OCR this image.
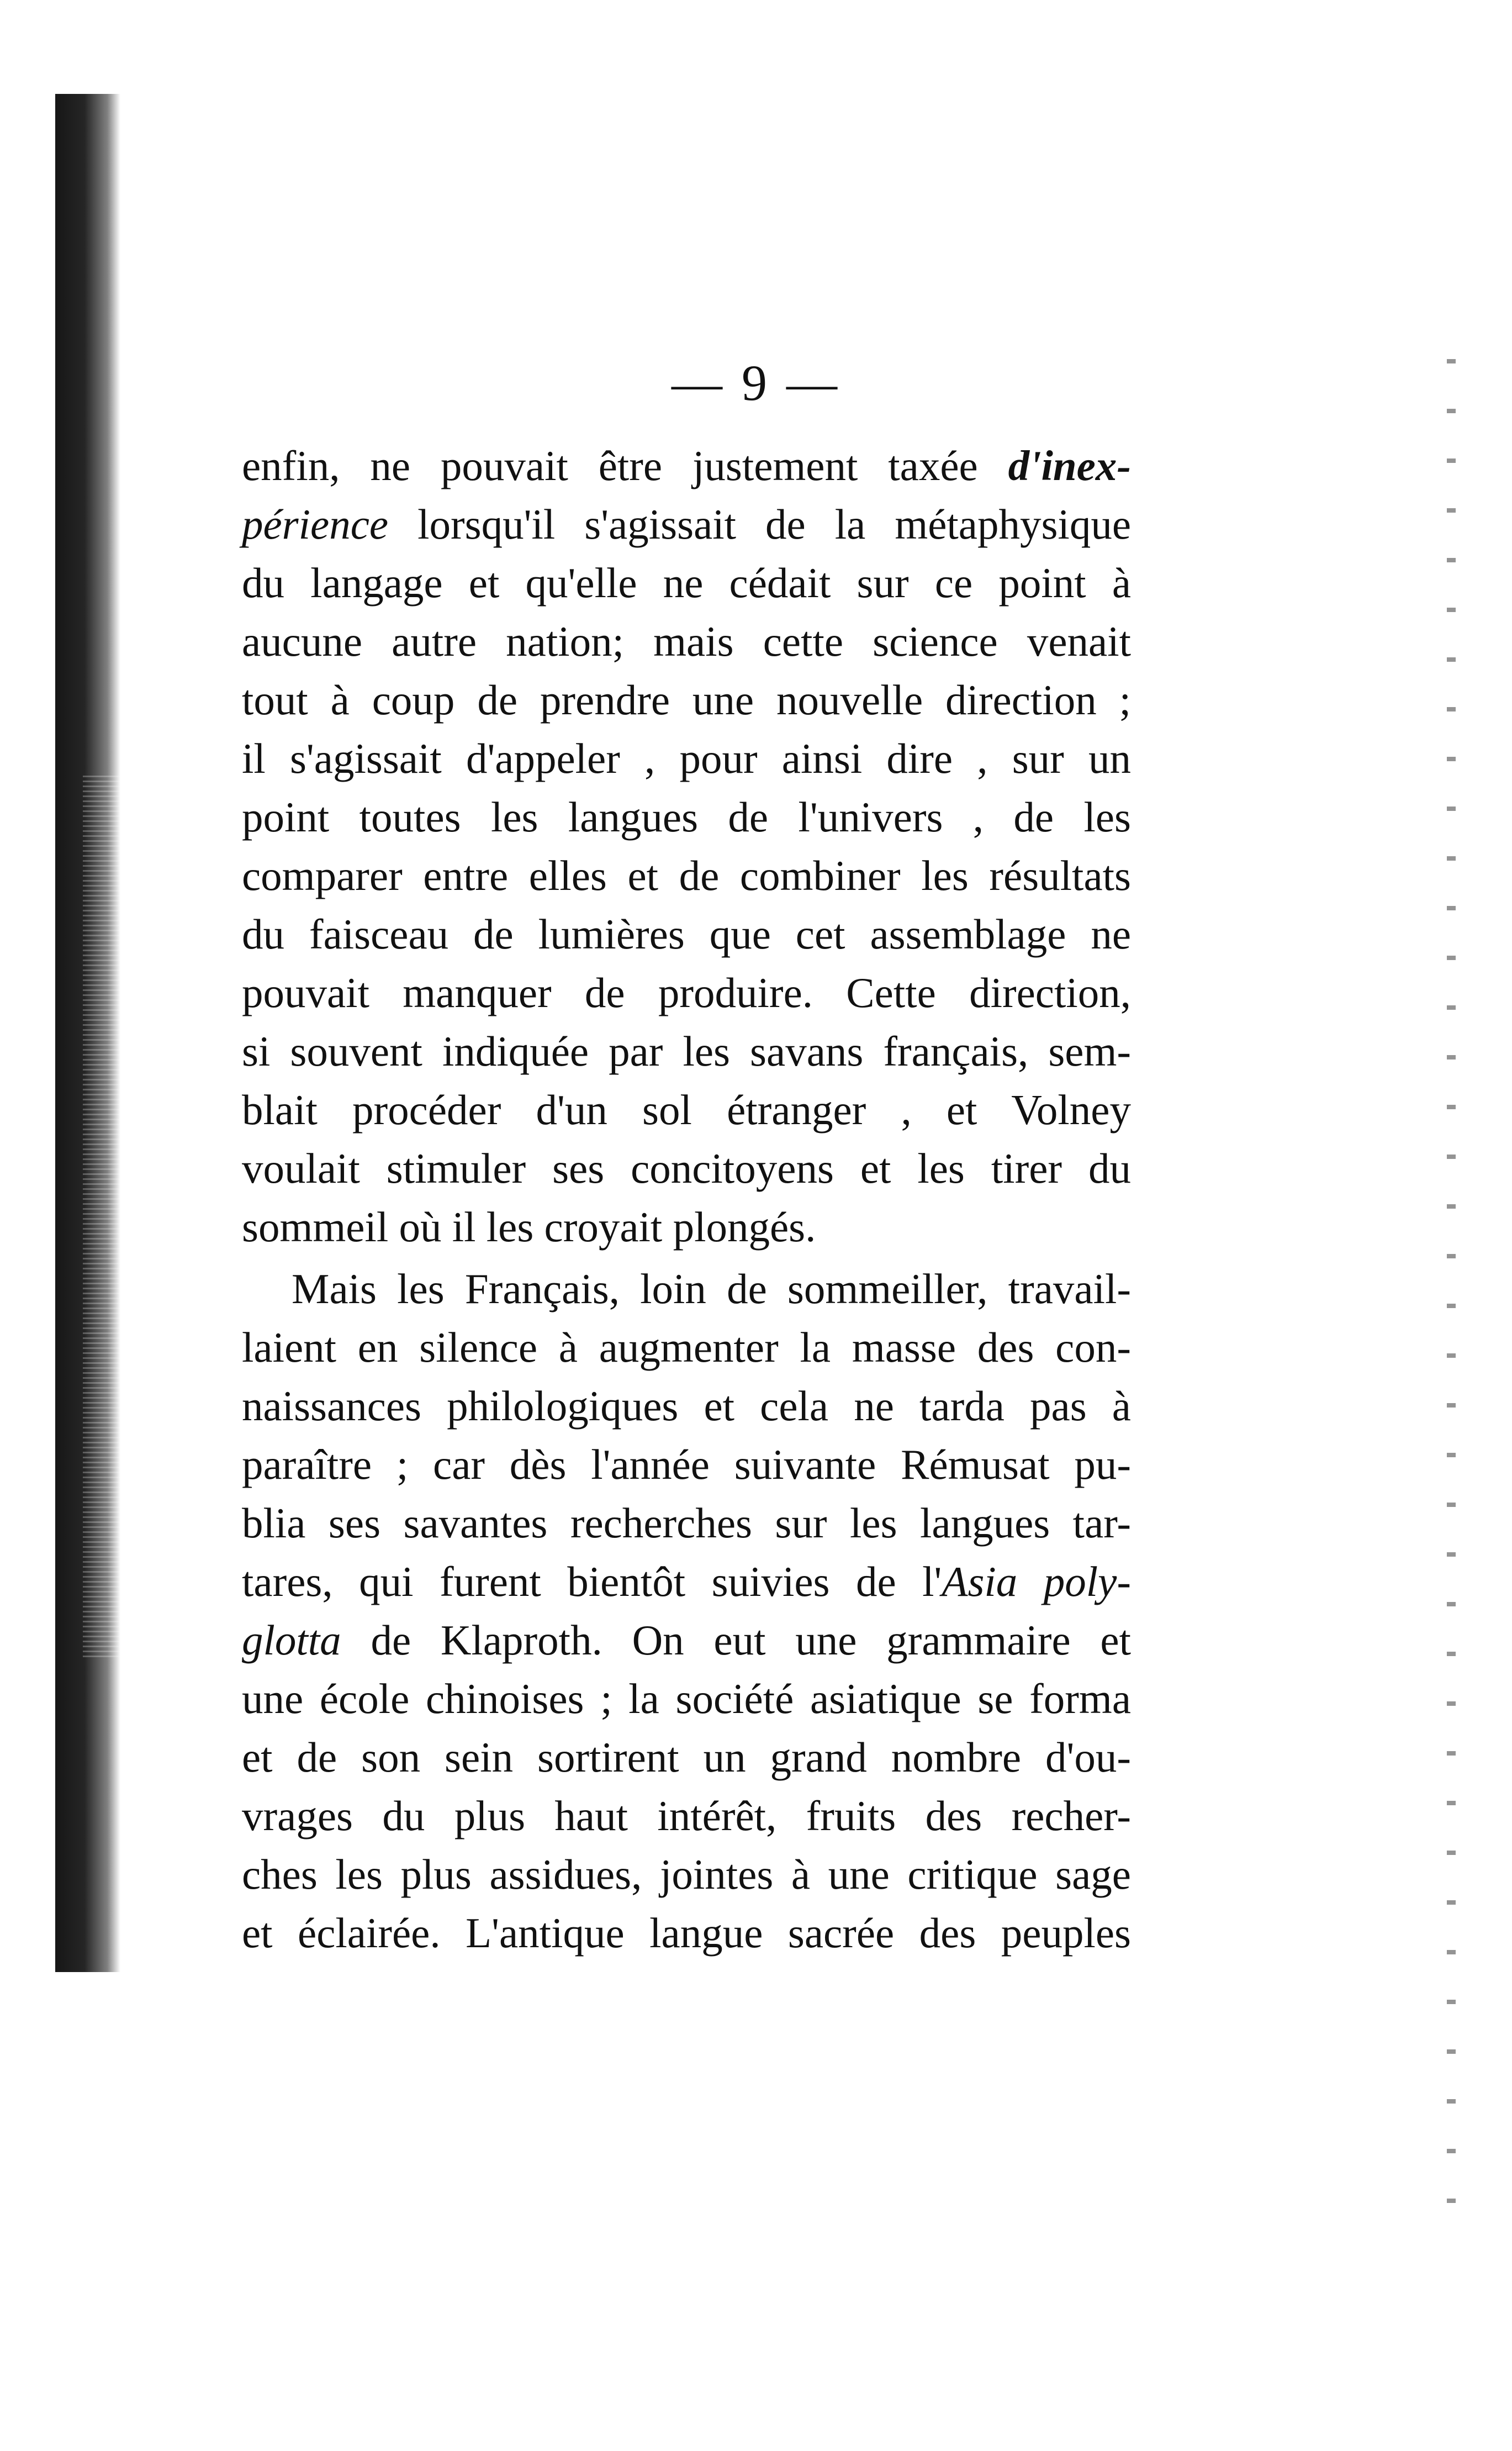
— 9 —
enfin, ne pouvait être justement taxée d'inex-
périence lorsqu'il s'agissait de la métaphysique
du langage et qu'elle ne cédait sur ce point à
aucune autre nation; mais cette science venait
tout à coup de prendre une nouvelle direction ;
il s'agissait d'appeler , pour ainsi dire , sur un
point toutes les langues de l'univers , de les
comparer entre elles et de combiner les résultats
du faisceau de lumières que cet assemblage ne
pouvait manquer de produire. Cette direction,
si souvent indiquée par les savans français, sem-
blait procéder d'un sol étranger , et Volney
voulait stimuler ses concitoyens et les tirer du
sommeil où il les croyait plongés.
Mais les Français, loin de sommeiller, travail-
laient en silence à augmenter la masse des con-
naissances philologiques et cela ne tarda pas à
paraître ; car dès l'année suivante Rémusat pu-
blia ses savantes recherches sur les langues tar-
tares, qui furent bientôt suivies de l'Asia poly-
glotta de Klaproth. On eut une grammaire et
une école chinoises ; la société asiatique se forma
et de son sein sortirent un grand nombre d'ou-
vrages du plus haut intérêt, fruits des recher-
ches les plus assidues, jointes à une critique sage
et éclairée. L'antique langue sacrée des peuples
